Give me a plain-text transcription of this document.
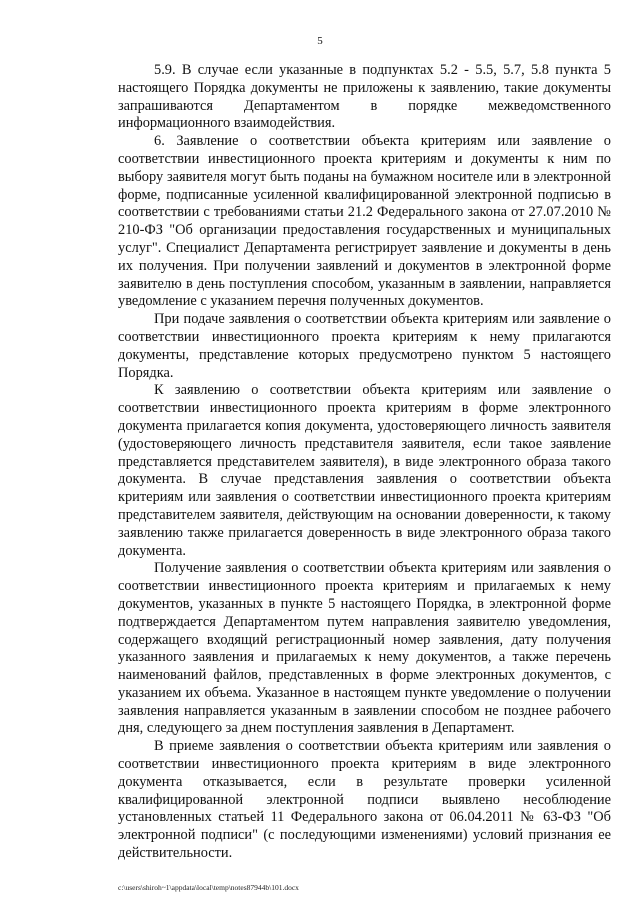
5

5.9. В случае если указанные в подпунктах 5.2 - 5.5, 5.7, 5.8 пункта 5 настоящего Порядка документы не приложены к заявлению, такие документы запрашиваются Департаментом в порядке межведомственного информационного взаимодействия.

6. Заявление о соответствии объекта критериям или заявление о соответствии инвестиционного проекта критериям и документы к ним по выбору заявителя могут быть поданы на бумажном носителе или в электронной форме, подписанные усиленной квалифицированной электронной подписью в соответствии с требованиями статьи 21.2 Федерального закона от 27.07.2010 № 210-ФЗ "Об организации предоставления государственных и муниципальных услуг". Специалист Департамента регистрирует заявление и документы в день их получения. При получении заявлений и документов в электронной форме заявителю в день поступления способом, указанным в заявлении, направляется уведомление с указанием перечня полученных документов.

При подаче заявления о соответствии объекта критериям или заявление о соответствии инвестиционного проекта критериям к нему прилагаются документы, представление которых предусмотрено пунктом 5 настоящего Порядка.

К заявлению о соответствии объекта критериям или заявление о соответствии инвестиционного проекта критериям в форме электронного документа прилагается копия документа, удостоверяющего личность заявителя (удостоверяющего личность представителя заявителя, если такое заявление представляется представителем заявителя), в виде электронного образа такого документа. В случае представления заявления о соответствии объекта критериям или заявления о соответствии инвестиционного проекта критериям представителем заявителя, действующим на основании доверенности, к такому заявлению также прилагается доверенность в виде электронного образа такого документа.

Получение заявления о соответствии объекта критериям или заявления о соответствии инвестиционного проекта критериям и прилагаемых к нему документов, указанных в пункте 5 настоящего Порядка, в электронной форме подтверждается Департаментом путем направления заявителю уведомления, содержащего входящий регистрационный номер заявления, дату получения указанного заявления и прилагаемых к нему документов, а также перечень наименований файлов, представленных в форме электронных документов, с указанием их объема. Указанное в настоящем пункте уведомление о получении заявления направляется указанным в заявлении способом не позднее рабочего дня, следующего за днем поступления заявления в Департамент.

В приеме заявления о соответствии объекта критериям или заявления о соответствии инвестиционного проекта критериям в виде электронного документа отказывается, если в результате проверки усиленной квалифицированной электронной подписи выявлено несоблюдение установленных статьей 11 Федерального закона от 06.04.2011 № 63-ФЗ "Об электронной подписи" (с последующими изменениями) условий признания ее действительности.

c:\users\shiroh~1\appdata\local\temp\notes87944b\101.docx
